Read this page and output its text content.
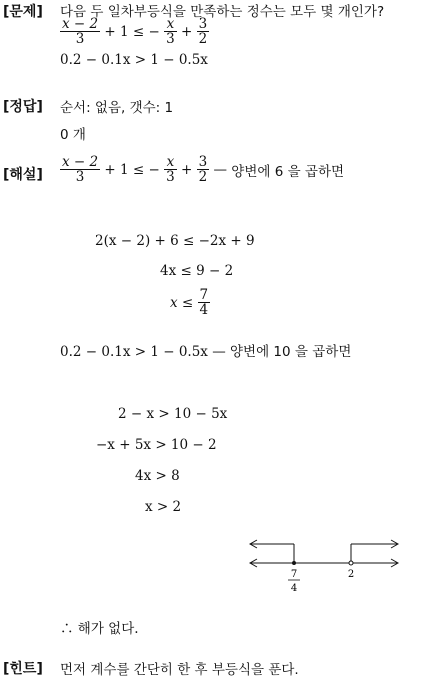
[문제] 다음 두 일차부등식을 만족하는 정수는 모두 몇 개인가?
$\frac{x - 2}{3} + 1$ ≤ − $\frac{x}{3} + \frac{3}{2}$
0.2 − 0.1x > 1 − 0.5x
[정답] 순서: 없음, 갯수: 1
0 개
[해설] $\frac{x - 2}{3} + 1$ ≤ − $\frac{x}{3} + \frac{3}{2}$ — 양변에 6 을 곱하면
2(x − 2) + 6 ≤ −2x + 9
4x ≤ 9 − 2
$x \le \frac{7}{4}$
0.2 − 0.1x > 1 − 0.5x — 양변에 10 을 곱하면
2 − x > 10 − 5x
−x + 5x > 10 − 2
4x > 8
x > 2
7
4
2
∴ 해가 없다.
[힌트] 먼저 계수를 간단히 한 후 부등식을 푼다.
